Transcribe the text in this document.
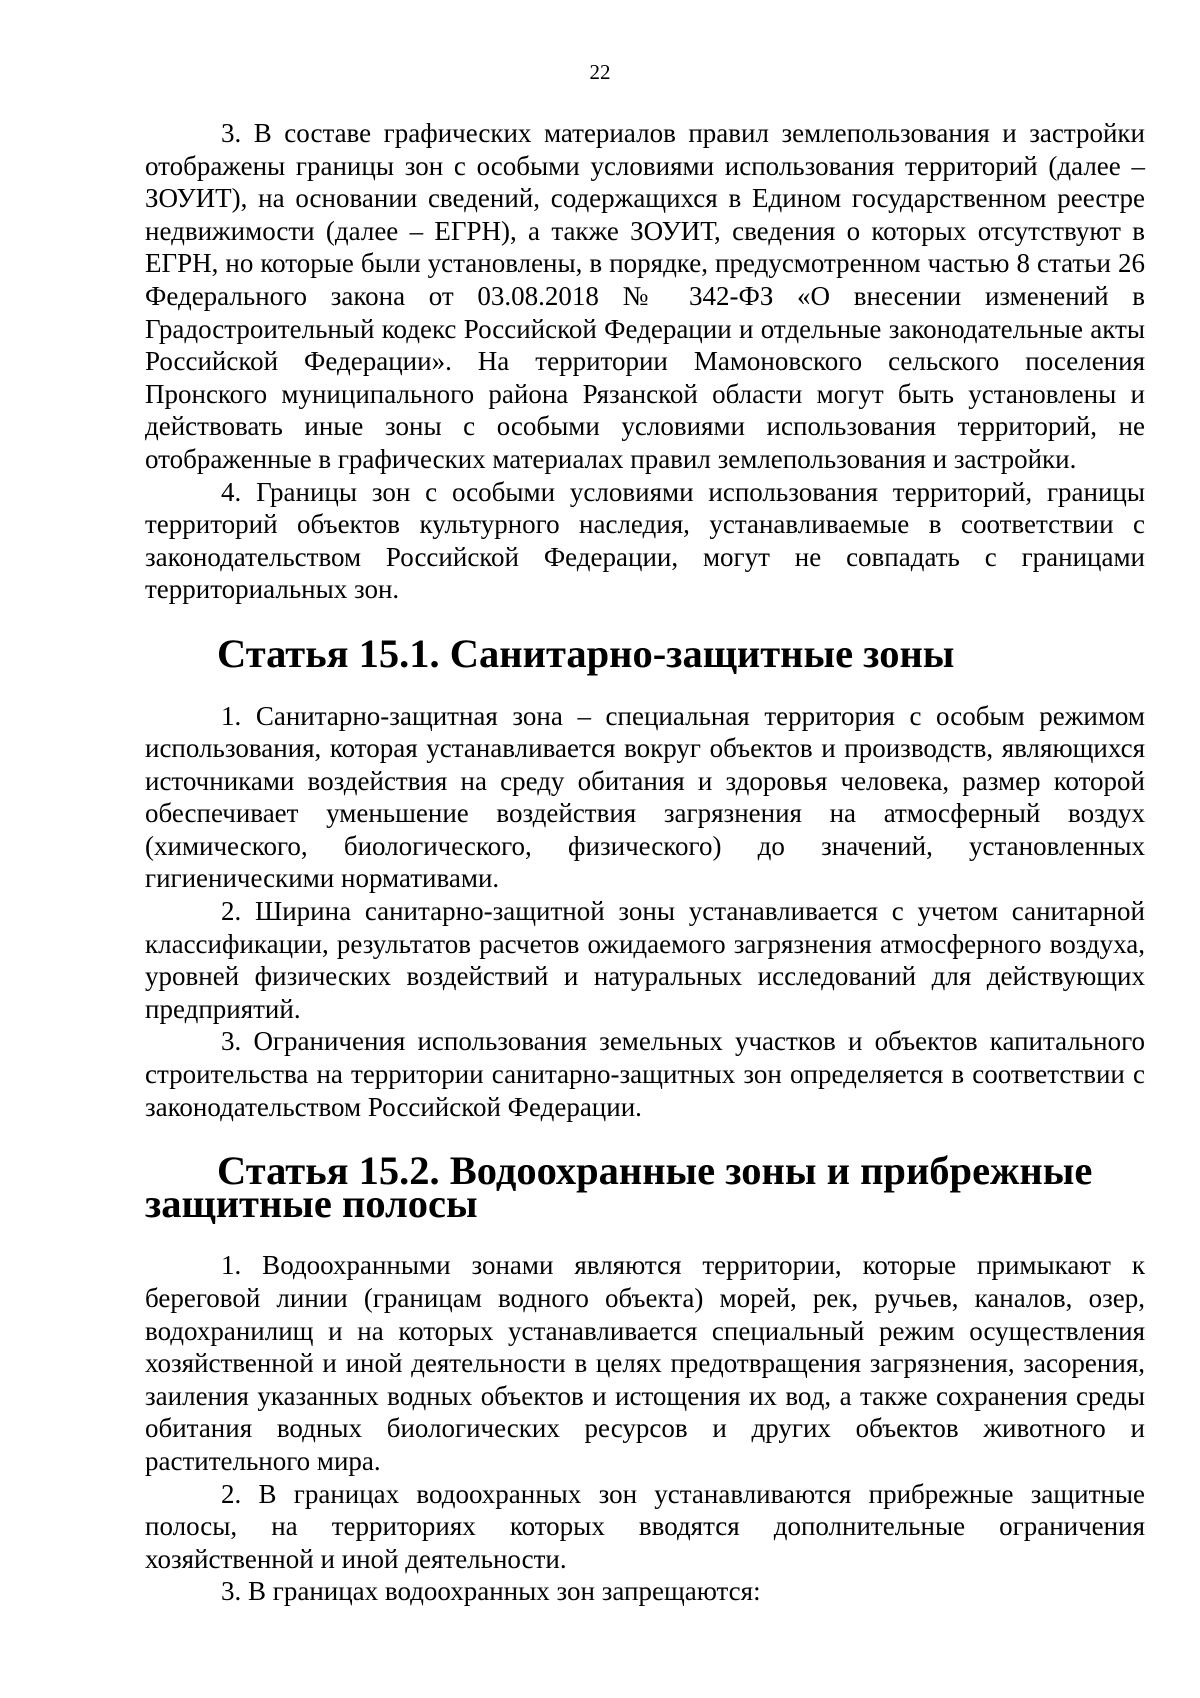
22

3. В составе графических материалов правил землепользования и застройки отображены границы зон с особыми условиями использования территорий (далее – ЗОУИТ), на основании сведений, содержащихся в Едином государственном реестре недвижимости (далее – ЕГРН), а также ЗОУИТ, сведения о которых отсутствуют в ЕГРН, но которые были установлены, в порядке, предусмотренном частью 8 статьи 26 Федерального закона от 03.08.2018 № 342-ФЗ «О внесении изменений в Градостроительный кодекс Российской Федерации и отдельные законодательные акты Российской Федерации». На территории Мамоновского сельского поселения Пронского муниципального района Рязанской области могут быть установлены и действовать иные зоны с особыми условиями использования территорий, не отображенные в графических материалах правил землепользования и застройки.

4. Границы зон с особыми условиями использования территорий, границы территорий объектов культурного наследия, устанавливаемые в соответствии с законодательством Российской Федерации, могут не совпадать с границами территориальных зон.

Статья 15.1. Санитарно-защитные зоны

1. Санитарно-защитная зона – специальная территория с особым режимом использования, которая устанавливается вокруг объектов и производств, являющихся источниками воздействия на среду обитания и здоровья человека, размер которой обеспечивает уменьшение воздействия загрязнения на атмосферный воздух (химического, биологического, физического) до значений, установленных гигиеническими нормативами.

2. Ширина санитарно-защитной зоны устанавливается с учетом санитарной классификации, результатов расчетов ожидаемого загрязнения атмосферного воздуха, уровней физических воздействий и натуральных исследований для действующих предприятий.

3. Ограничения использования земельных участков и объектов капитального строительства на территории санитарно-защитных зон определяется в соответствии с законодательством Российской Федерации.

Статья 15.2. Водоохранные зоны и прибрежные защитные полосы

1. Водоохранными зонами являются территории, которые примыкают к береговой линии (границам водного объекта) морей, рек, ручьев, каналов, озер, водохранилищ и на которых устанавливается специальный режим осуществления хозяйственной и иной деятельности в целях предотвращения загрязнения, засорения, заиления указанных водных объектов и истощения их вод, а также сохранения среды обитания водных биологических ресурсов и других объектов животного и растительного мира.

2. В границах водоохранных зон устанавливаются прибрежные защитные полосы, на территориях которых вводятся дополнительные ограничения хозяйственной и иной деятельности.

3. В границах водоохранных зон запрещаются:
